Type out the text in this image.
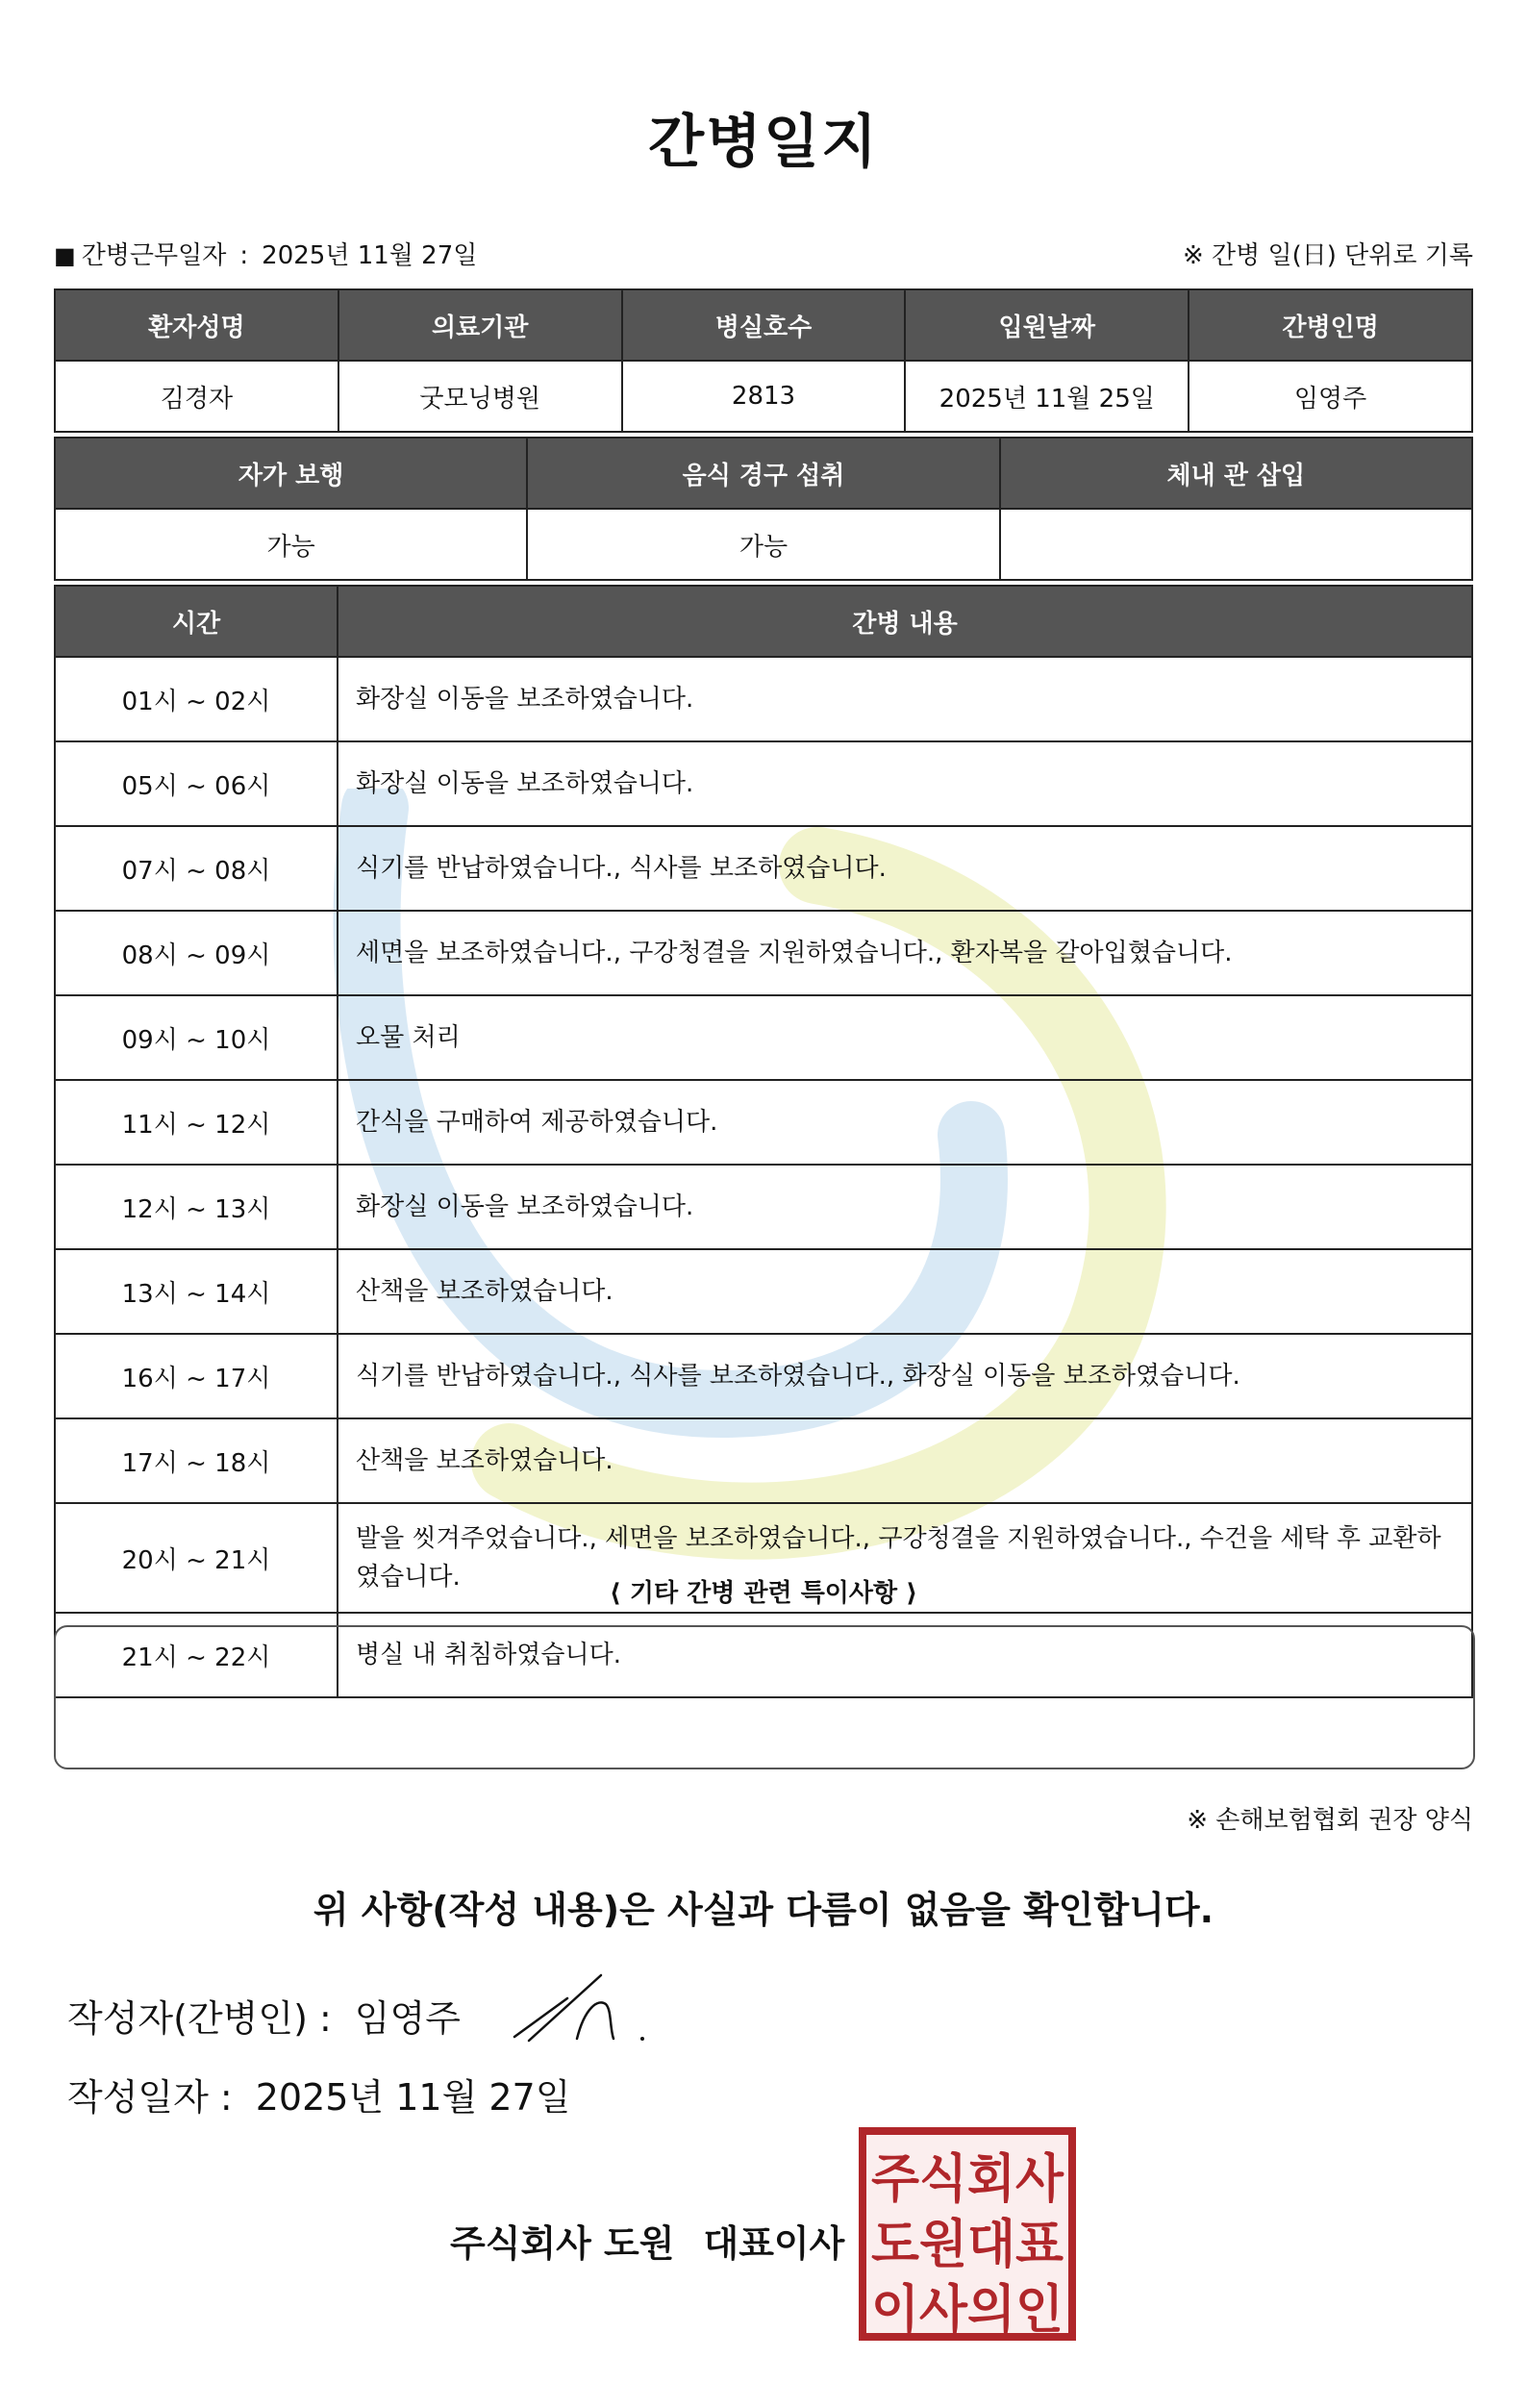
간병일지
■ 간병근무일자 : 2025년 11월 27일	※ 간병 일(日) 단위로 기록
환자성명	의료기관	병실호수	입원날짜	간병인명
김경자	굿모닝병원	2813	2025년 11월 25일	임영주
자가 보행	음식 경구 섭취	체내 관 삽입
가능	가능	
시간	간병 내용
01시 ~ 02시	화장실 이동을 보조하였습니다.
05시 ~ 06시	화장실 이동을 보조하였습니다.
07시 ~ 08시	식기를 반납하였습니다., 식사를 보조하였습니다.
08시 ~ 09시	세면을 보조하였습니다., 구강청결을 지원하였습니다., 환자복을 갈아입혔습니다.
09시 ~ 10시	오물 처리
11시 ~ 12시	간식을 구매하여 제공하였습니다.
12시 ~ 13시	화장실 이동을 보조하였습니다.
13시 ~ 14시	산책을 보조하였습니다.
16시 ~ 17시	식기를 반납하였습니다., 식사를 보조하였습니다., 화장실 이동을 보조하였습니다.
17시 ~ 18시	산책을 보조하였습니다.
20시 ~ 21시	발을 씻겨주었습니다., 세면을 보조하였습니다., 구강청결을 지원하였습니다., 수건을 세탁 후 교환하였습니다.
21시 ~ 22시	병실 내 취침하였습니다.
⟨ 기타 간병 관련 특이사항 ⟩
※ 손해보험협회 권장 양식
위 사항(작성 내용)은 사실과 다름이 없음을 확인합니다.
작성자(간병인) : 임영주
작성일자 : 2025년 11월 27일
주식회사 도원 대표이사
주식회사
도원대표
이사의인
